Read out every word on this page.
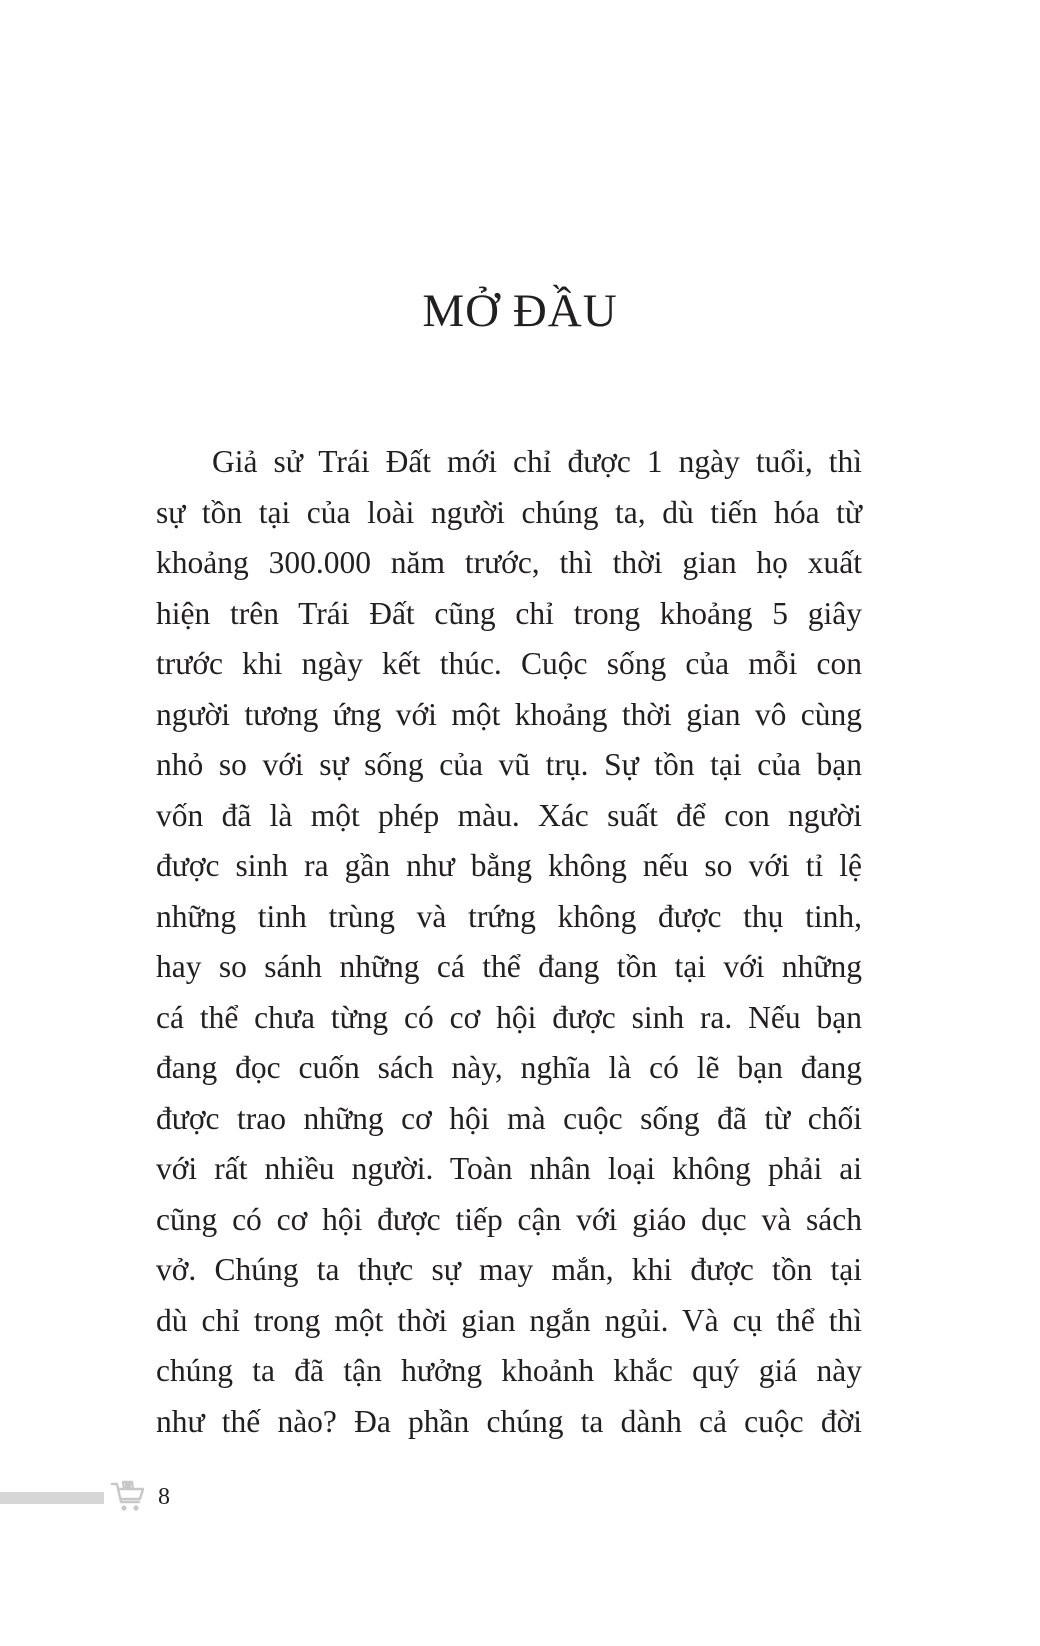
MỞ ĐẦU
Giả sử Trái Đất mới chỉ được 1 ngày tuổi, thì
sự tồn tại của loài người chúng ta, dù tiến hóa từ
khoảng 300.000 năm trước, thì thời gian họ xuất
hiện trên Trái Đất cũng chỉ trong khoảng 5 giây
trước khi ngày kết thúc. Cuộc sống của mỗi con
người tương ứng với một khoảng thời gian vô cùng
nhỏ so với sự sống của vũ trụ. Sự tồn tại của bạn
vốn đã là một phép màu. Xác suất để con người
được sinh ra gần như bằng không nếu so với tỉ lệ
những tinh trùng và trứng không được thụ tinh,
hay so sánh những cá thể đang tồn tại với những
cá thể chưa từng có cơ hội được sinh ra. Nếu bạn
đang đọc cuốn sách này, nghĩa là có lẽ bạn đang
được trao những cơ hội mà cuộc sống đã từ chối
với rất nhiều người. Toàn nhân loại không phải ai
cũng có cơ hội được tiếp cận với giáo dục và sách
vở. Chúng ta thực sự may mắn, khi được tồn tại
dù chỉ trong một thời gian ngắn ngủi. Và cụ thể thì
chúng ta đã tận hưởng khoảnh khắc quý giá này
như thế nào? Đa phần chúng ta dành cả cuộc đời
8
